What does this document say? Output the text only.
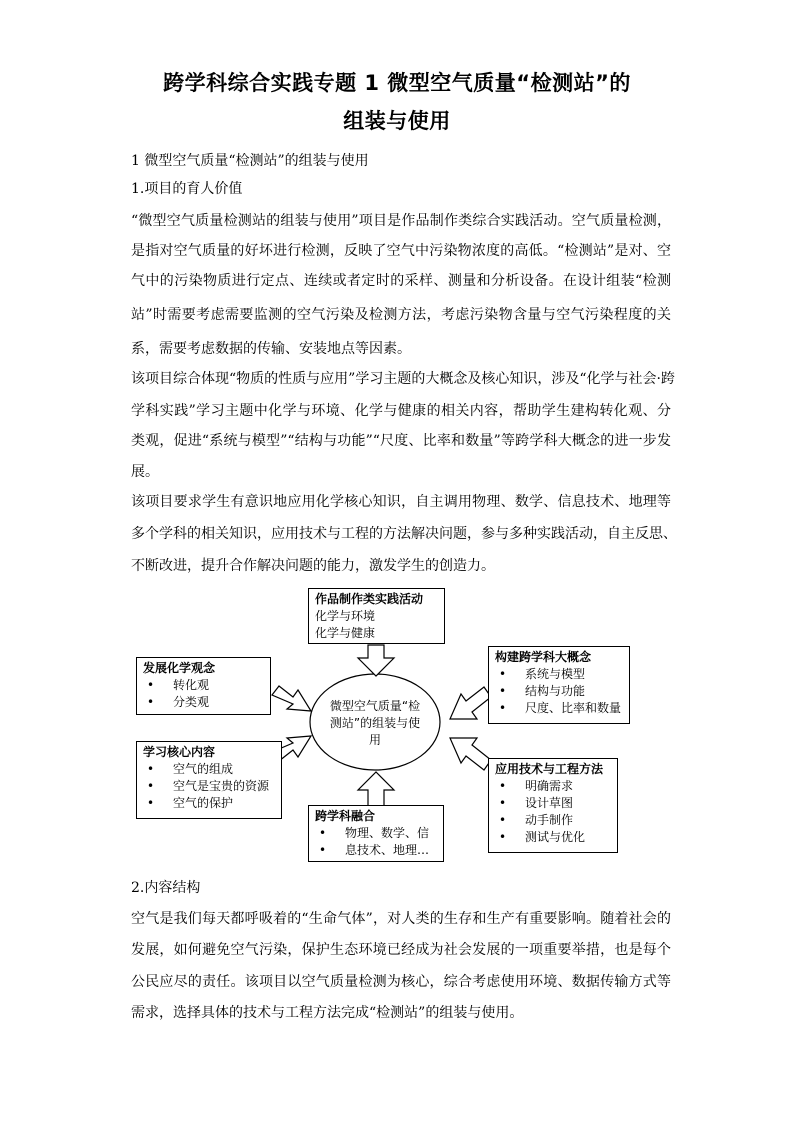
跨学科综合实践专题 1 微型空气质量“检测站”的
组装与使用
1 微型空气质量“检测站”的组装与使用
1.项目的育人价值
“微型空气质量检测站的组装与使用”项目是作品制作类综合实践活动。空气质量检测，
是指对空气质量的好坏进行检测，反映了空气中污染物浓度的高低。“检测站”是对、空
气中的污染物质进行定点、连续或者定时的采样、测量和分析设备。在设计组装“检测
站”时需要考虑需要监测的空气污染及检测方法，考虑污染物含量与空气污染程度的关
系，需要考虑数据的传输、安装地点等因素。
该项目综合体现“物质的性质与应用”学习主题的大概念及核心知识，涉及“化学与社会·跨
学科实践”学习主题中化学与环境、化学与健康的相关内容，帮助学生建构转化观、分
类观，促进“系统与模型”“结构与功能”“尺度、比率和数量”等跨学科大概念的进一步发
展。
该项目要求学生有意识地应用化学核心知识，自主调用物理、数学、信息技术、地理等
多个学科的相关知识，应用技术与工程的方法解决问题，参与多种实践活动，自主反思、
不断改进，提升合作解决问题的能力，激发学生的创造力。
微型空气质量“检
测站”的组装与使
用
作品制作类实践活动
化学与环境
化学与健康
发展化学观念
• 转化观
• 分类观
学习核心内容
• 空气的组成
• 空气是宝贵的资源
• 空气的保护
跨学科融合
• 物理、数学、信
• 息技术、地理…
构建跨学科大概念
• 系统与模型
• 结构与功能
• 尺度、比率和数量
应用技术与工程方法
• 明确需求
• 设计草图
• 动手制作
• 测试与优化
2.内容结构
空气是我们每天都呼吸着的“生命气体”，对人类的生存和生产有重要影响。随着社会的
发展，如何避免空气污染，保护生态环境已经成为社会发展的一项重要举措，也是每个
公民应尽的责任。该项目以空气质量检测为核心，综合考虑使用环境、数据传输方式等
需求，选择具体的技术与工程方法完成“检测站”的组装与使用。
